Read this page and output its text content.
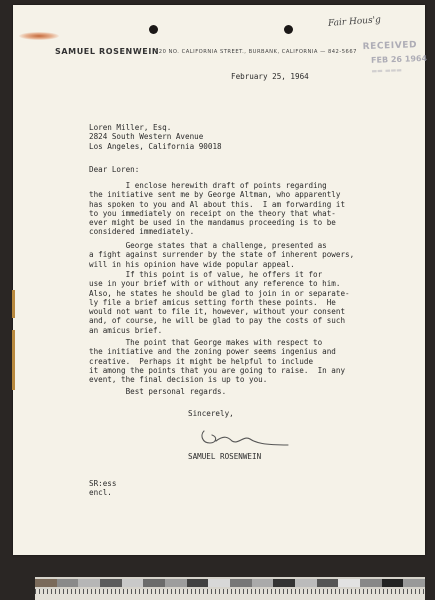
Fair Hous'g
RECEIVED
FEB 26 1964
▬▬ ▬▬▬
SAMUEL ROSENWEIN
220 NO. CALIFORNIA STREET., BURBANK, CALIFORNIA — 842-5667
February 25, 1964
Loren Miller, Esq.
2824 South Western Avenue
Los Angeles, California 90018
Dear Loren:
I enclose herewith draft of points regarding
the initiative sent me by George Altman, who apparently
has spoken to you and Al about this.  I am forwarding it
to you immediately on receipt on the theory that what-
ever might be used in the mandamus proceeding is to be
considered immediately.
George states that a challenge, presented as
a fight against surrender by the state of inherent powers,
will in his opinion have wide popular appeal.
If this point is of value, he offers it for
use in your brief with or without any reference to him.
Also, he states he should be glad to join in or separate-
ly file a brief amicus setting forth these points.  He
would not want to file it, however, without your consent
and, of course, he will be glad to pay the costs of such
an amicus brief.
The point that George makes with respect to
the initiative and the zoning power seems ingenius and
creative.  Perhaps it might be helpful to include
it among the points that you are going to raise.  In any
event, the final decision is up to you.
Best personal regards.
Sincerely,
SAMUEL ROSENWEIN
SR:ess
encl.
